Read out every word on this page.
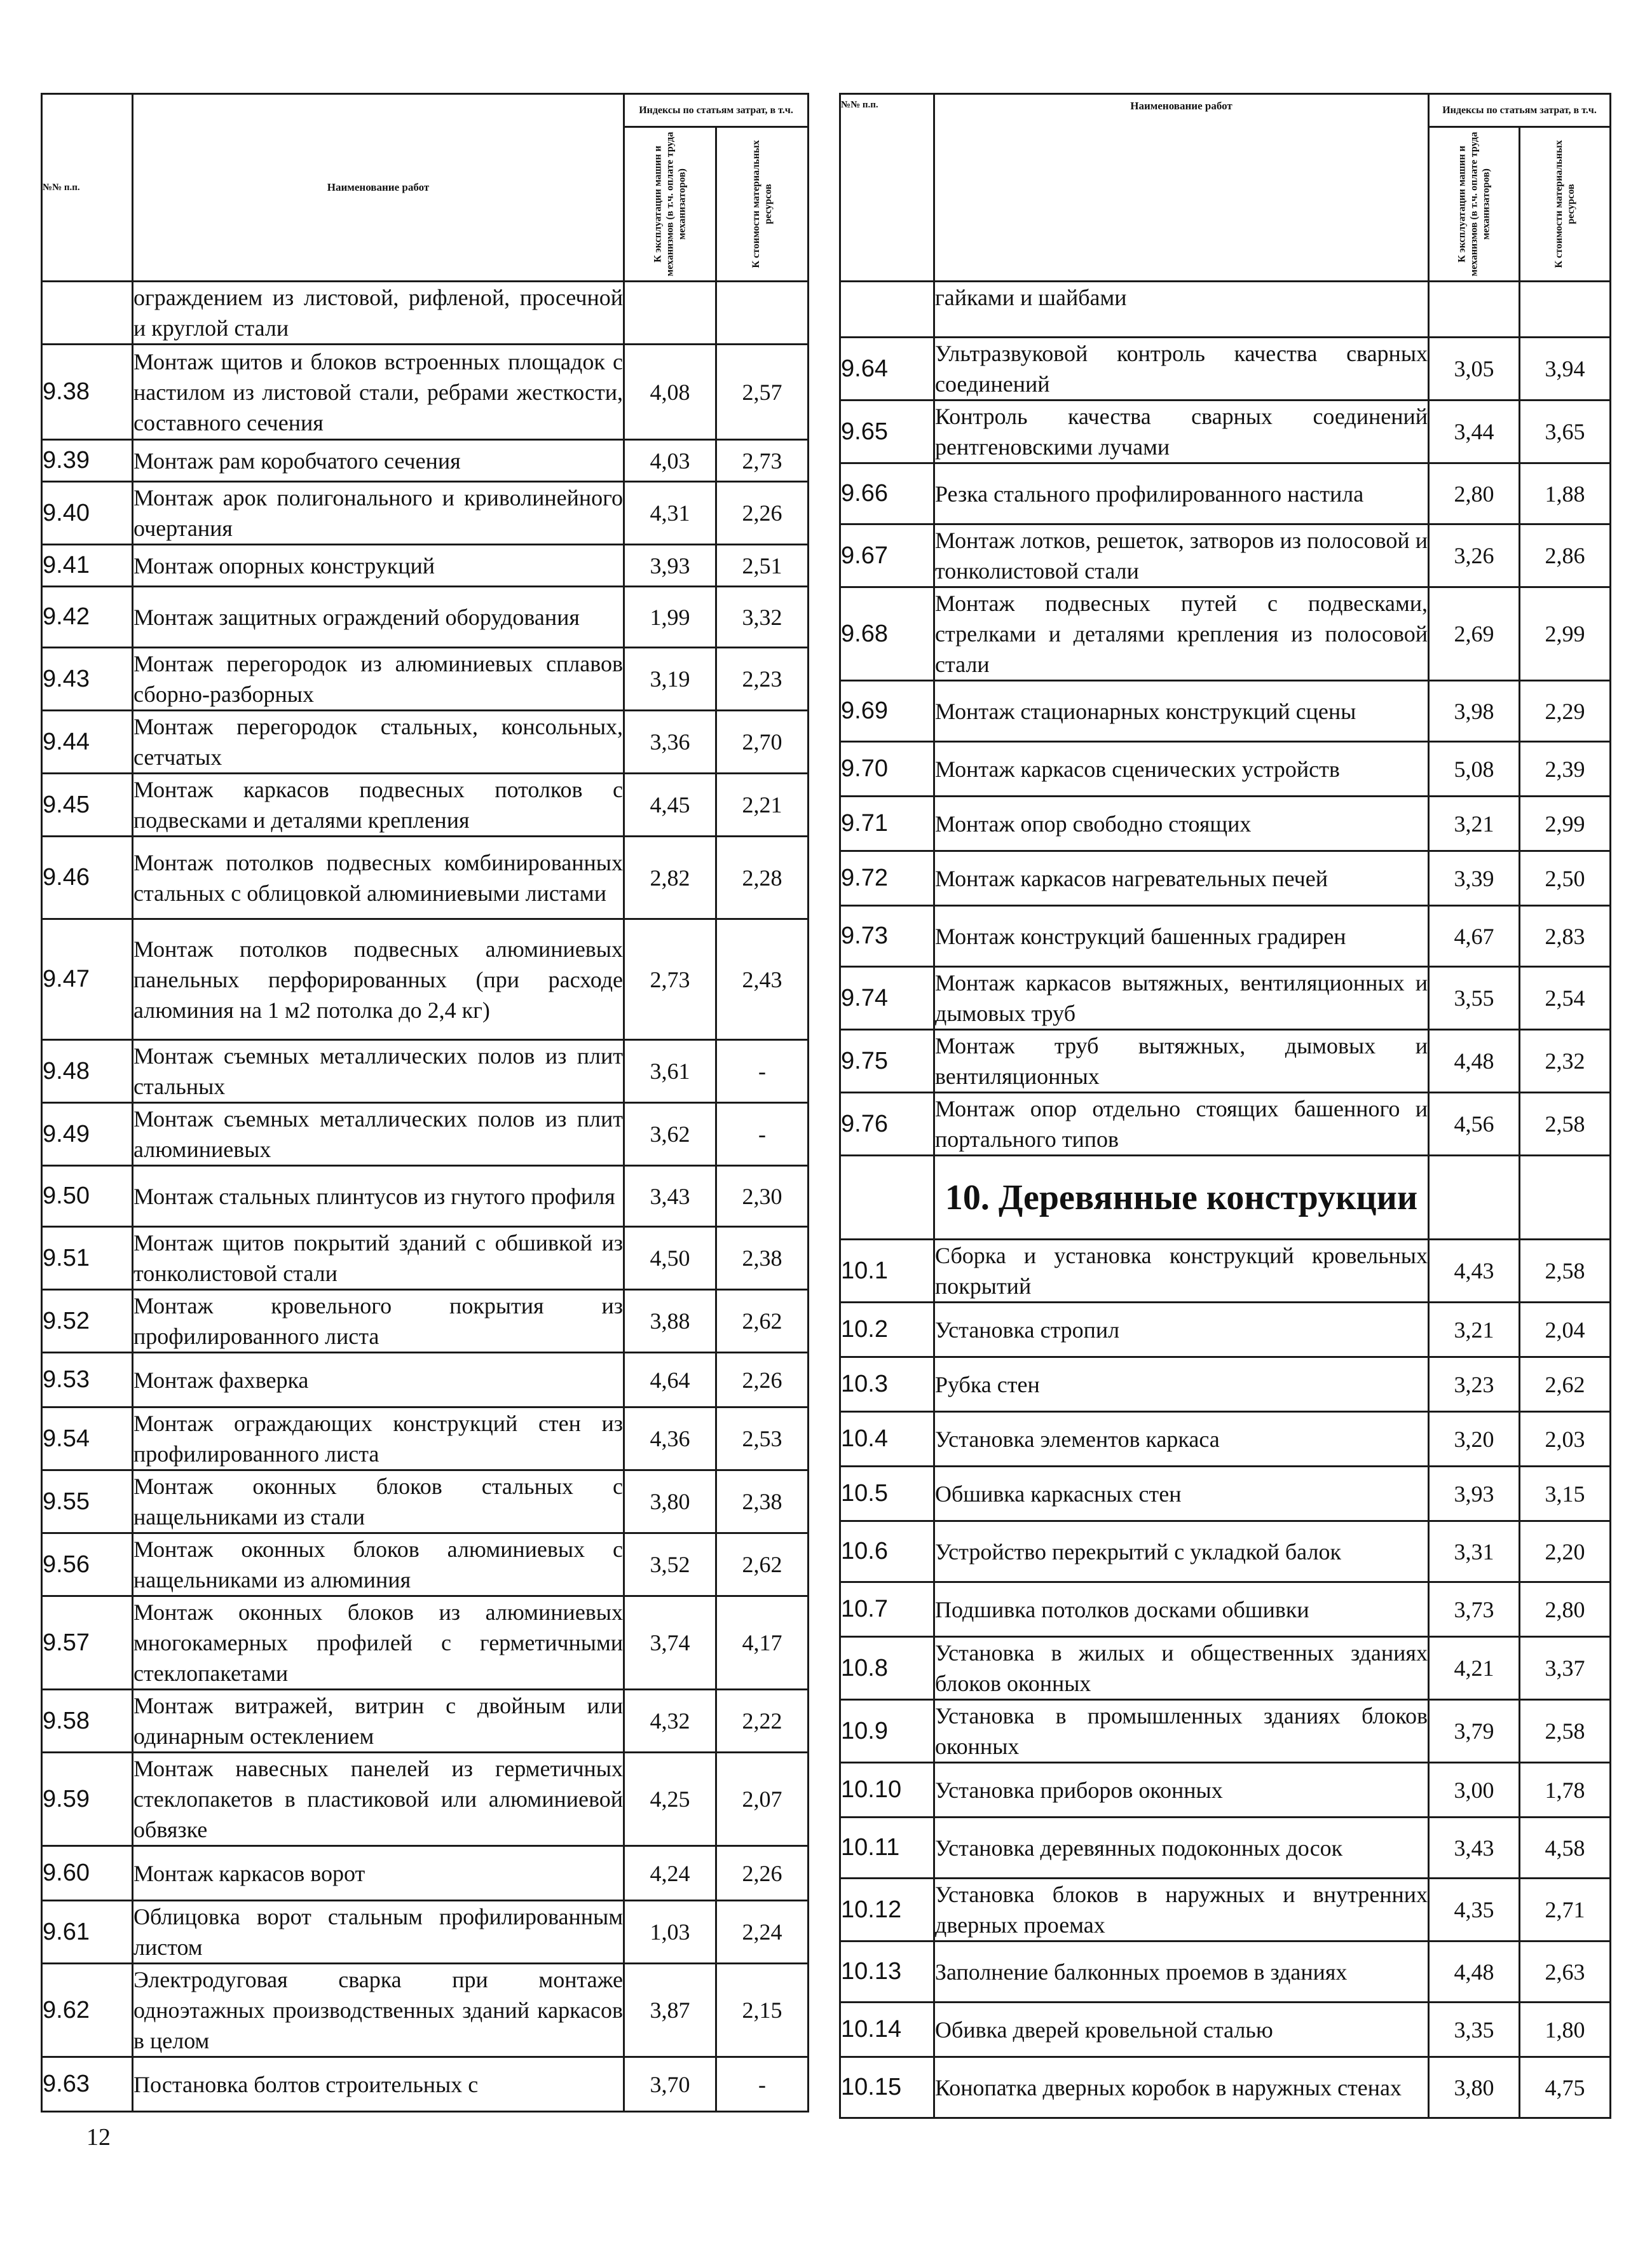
№№ п.п.	Наименование работ	Индексы по статьям затрат, в т.ч.	

		К эксплуатации машин и механизмов (в т.ч. оплате труда механизаторов)	К стоимости материальных ресурсов

	ограждением из листовой, рифленой, просечной и круглой стали		
9.38	Монтаж щитов и блоков встроенных площадок с настилом из листовой стали, ребрами жесткости, составного сечения	4,08	2,57
9.39	Монтаж рам коробчатого сечения	4,03	2,73
9.40	Монтаж арок полигонального и криволинейного очертания	4,31	2,26
9.41	Монтаж опорных конструкций	3,93	2,51
9.42	Монтаж защитных ограждений оборудования	1,99	3,32
9.43	Монтаж перегородок из алюминиевых сплавов сборно-разборных	3,19	2,23
9.44	Монтаж перегородок стальных, консольных, сетчатых	3,36	2,70
9.45	Монтаж каркасов подвесных потолков с подвесками и деталями крепления	4,45	2,21
9.46	Монтаж потолков подвесных комбинированных стальных с облицовкой алюминиевыми листами	2,82	2,28
9.47	Монтаж потолков подвесных алюминиевых панельных перфорированных (при расходе алюминия на 1 м2 потолка до 2,4 кг)	2,73	2,43
9.48	Монтаж съемных металлических полов из плит стальных	3,61	-
9.49	Монтаж съемных металлических полов из плит алюминиевых	3,62	-
9.50	Монтаж стальных плинтусов из гнутого профиля	3,43	2,30
9.51	Монтаж щитов покрытий зданий с обшивкой из тонколистовой стали	4,50	2,38
9.52	Монтаж кровельного покрытия из профилированного листа	3,88	2,62
9.53	Монтаж фахверка	4,64	2,26
9.54	Монтаж ограждающих конструкций стен из профилированного листа	4,36	2,53
9.55	Монтаж оконных блоков стальных с нащельниками из стали	3,80	2,38
9.56	Монтаж оконных блоков алюминиевых с нащельниками из алюминия	3,52	2,62
9.57	Монтаж оконных блоков из алюминиевых многокамерных профилей с герметичными стеклопакетами	3,74	4,17
9.58	Монтаж витражей, витрин с двойным или одинарным остеклением	4,32	2,22
9.59	Монтаж навесных панелей из герметичных стеклопакетов в пластиковой или алюминиевой обвязке	4,25	2,07
9.60	Монтаж каркасов ворот	4,24	2,26
9.61	Облицовка ворот стальным профилированным листом	1,03	2,24
9.62	Электродуговая сварка при монтаже одноэтажных производственных зданий каркасов в целом	3,87	2,15
9.63	Постановка болтов строительных с	3,70	-
№№ п.п.	Наименование работ	Индексы по статьям затрат, в т.ч.	

		К эксплуатации машин и механизмов (в т.ч. оплате труда механизаторов)	К стоимости материальных ресурсов

	гайками и шайбами		
9.64	Ультразвуковой контроль качества сварных соединений	3,05	3,94
9.65	Контроль качества сварных соединений рентгеновскими лучами	3,44	3,65
9.66	Резка стального профилированного настила	2,80	1,88
9.67	Монтаж лотков, решеток, затворов из полосовой и тонколистовой стали	3,26	2,86
9.68	Монтаж подвесных путей с подвесками, стрелками и деталями крепления из полосовой стали	2,69	2,99
9.69	Монтаж стационарных конструкций сцены	3,98	2,29
9.70	Монтаж каркасов сценических устройств	5,08	2,39
9.71	Монтаж опор свободно стоящих	3,21	2,99
9.72	Монтаж каркасов нагревательных печей	3,39	2,50
9.73	Монтаж конструкций башенных градирен	4,67	2,83
9.74	Монтаж каркасов вытяжных, вентиляционных и дымовых труб	3,55	2,54
9.75	Монтаж труб вытяжных, дымовых и вентиляционных	4,48	2,32
9.76	Монтаж опор отдельно стоящих башенного и портального типов	4,56	2,58
	10. Деревянные конструкции		
10.1	Сборка и установка конструкций кровельных покрытий	4,43	2,58
10.2	Установка стропил	3,21	2,04
10.3	Рубка стен	3,23	2,62
10.4	Установка элементов каркаса	3,20	2,03
10.5	Обшивка каркасных стен	3,93	3,15
10.6	Устройство перекрытий с укладкой балок	3,31	2,20
10.7	Подшивка потолков досками обшивки	3,73	2,80
10.8	Установка в жилых и общественных зданиях блоков оконных	4,21	3,37
10.9	Установка в промышленных зданиях блоков оконных	3,79	2,58
10.10	Установка приборов оконных	3,00	1,78
10.11	Установка деревянных подоконных досок	3,43	4,58
10.12	Установка блоков в наружных и внутренних дверных проемах	4,35	2,71
10.13	Заполнение балконных проемов в зданиях	4,48	2,63
10.14	Обивка дверей кровельной сталью	3,35	1,80
10.15	Конопатка дверных коробок в наружных стенах	3,80	4,75
12
